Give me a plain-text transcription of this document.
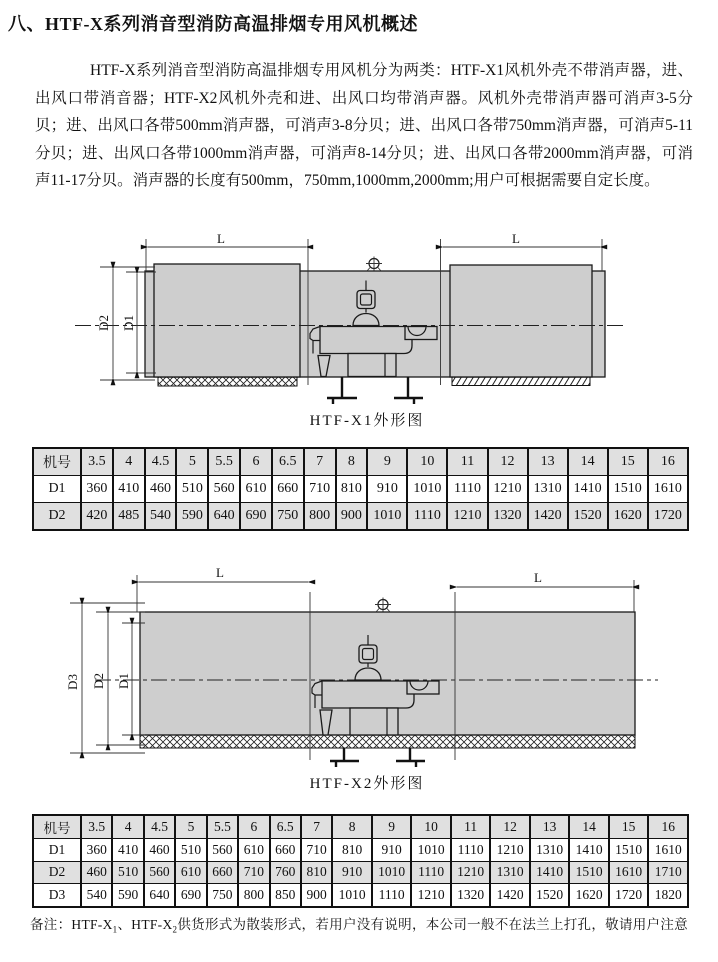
八、HTF-X系列消音型消防高温排烟专用风机概述
HTF-X系列消音型消防高温排烟专用风机分为两类：HTF-X1风机外壳不带消声器，进、出风口带消音器；HTF-X2风机外壳和进、出风口均带消声器。风机外壳带消声器可消声3-5分贝；进、出风口各带500mm消声器，可消声3-8分贝；进、出风口各带750mm消声器，可消声5-11分贝；进、出风口各带1000mm消声器，可消声8-14分贝；进、出风口各带2000mm消声器，可消声11-17分贝。消声器的长度有500mm，750mm,1000mm,2000mm;用户可根据需要自定长度。
L	L
D2 D1
HTF-X1外形图
机号	3.5	4	4.5	5	5.5	6	6.5	7	8	9	10	11	12	13	14	15	16
D1	360	410	460	510	560	610	660	710	810	910	1010	1110	1210	1310	1410	1510	1610
D2	420	485	540	590	640	690	750	800	900	1010	1110	1210	1320	1420	1520	1620	1720
L	L
D3 D2 D1
HTF-X2外形图
机号	3.5	4	4.5	5	5.5	6	6.5	7	8	9	10	11	12	13	14	15	16
D1	360	410	460	510	560	610	660	710	810	910	1010	1110	1210	1310	1410	1510	1610
D2	460	510	560	610	660	710	760	810	910	1010	1110	1210	1310	1410	1510	1610	1710
D3	540	590	640	690	750	800	850	900	1010	1110	1210	1320	1420	1520	1620	1720	1820
备注：HTF-$X_1$、HTF-$X_2$供货形式为散装形式，若用户没有说明，本公司一般不在法兰上打孔，敬请用户注意
